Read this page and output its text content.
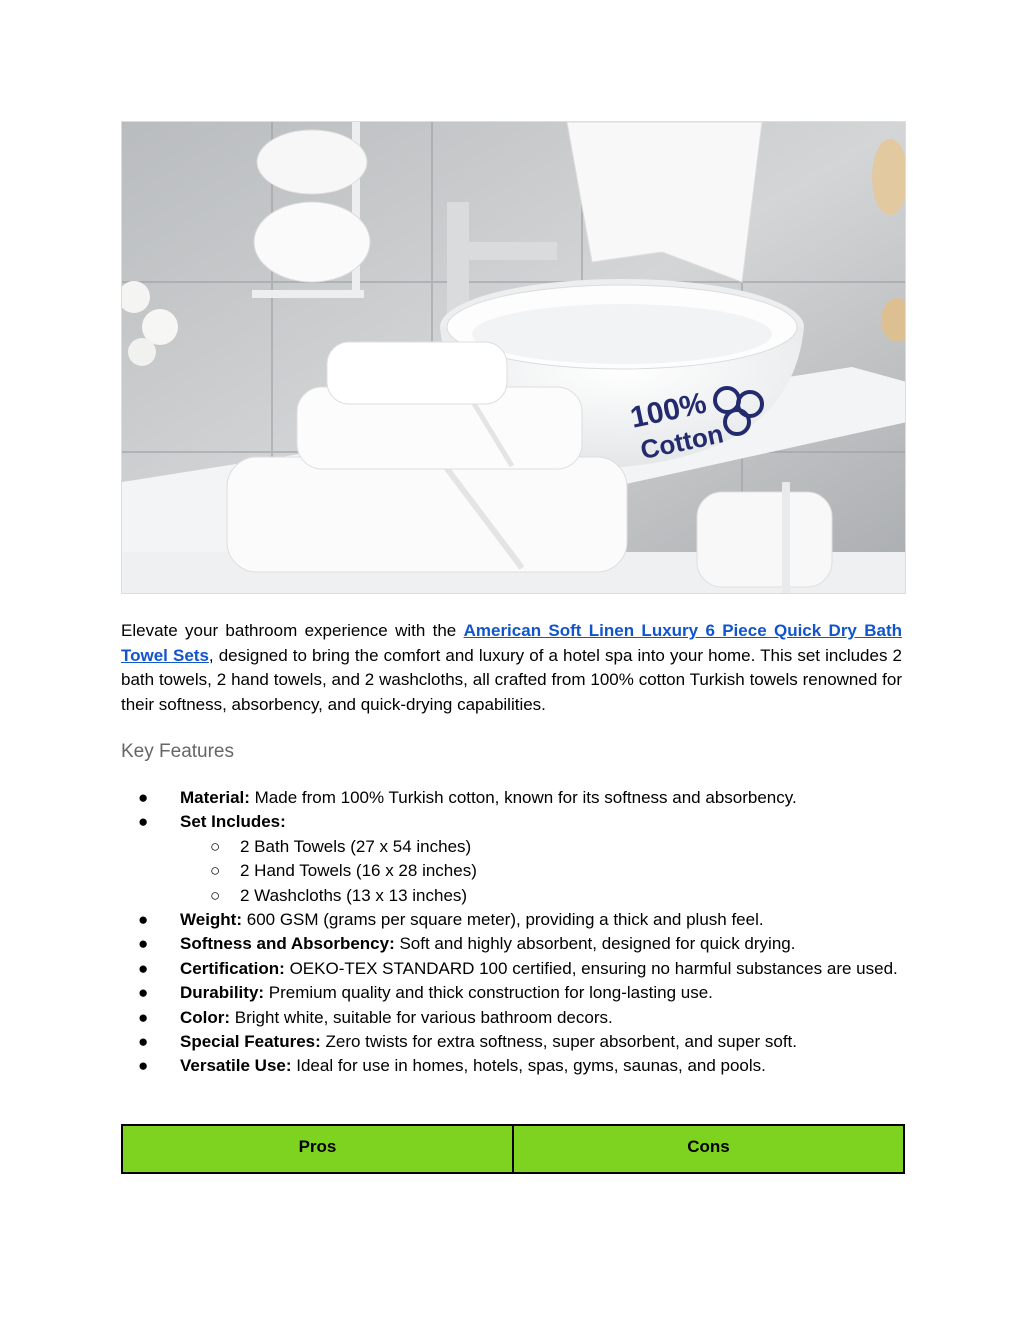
100%
Cotton

Elevate your bathroom experience with the American Soft Linen Luxury 6 Piece Quick Dry Bath Towel Sets, designed to bring the comfort and luxury of a hotel spa into your home. This set includes 2 bath towels, 2 hand towels, and 2 washcloths, all crafted from 100% cotton Turkish towels renowned for their softness, absorbency, and quick-drying capabilities.

Key Features
● Material: Made from 100% Turkish cotton, known for its softness and absorbency.
● Set Includes:
○ 2 Bath Towels (27 x 54 inches)
○ 2 Hand Towels (16 x 28 inches)
○ 2 Washcloths (13 x 13 inches)
● Weight: 600 GSM (grams per square meter), providing a thick and plush feel.
● Softness and Absorbency: Soft and highly absorbent, designed for quick drying.
● Certification: OEKO-TEX STANDARD 100 certified, ensuring no harmful substances are used.
● Durability: Premium quality and thick construction for long-lasting use.
● Color: Bright white, suitable for various bathroom decors.
● Special Features: Zero twists for extra softness, super absorbent, and super soft.
● Versatile Use: Ideal for use in homes, hotels, spas, gyms, saunas, and pools.
Pros	Cons
